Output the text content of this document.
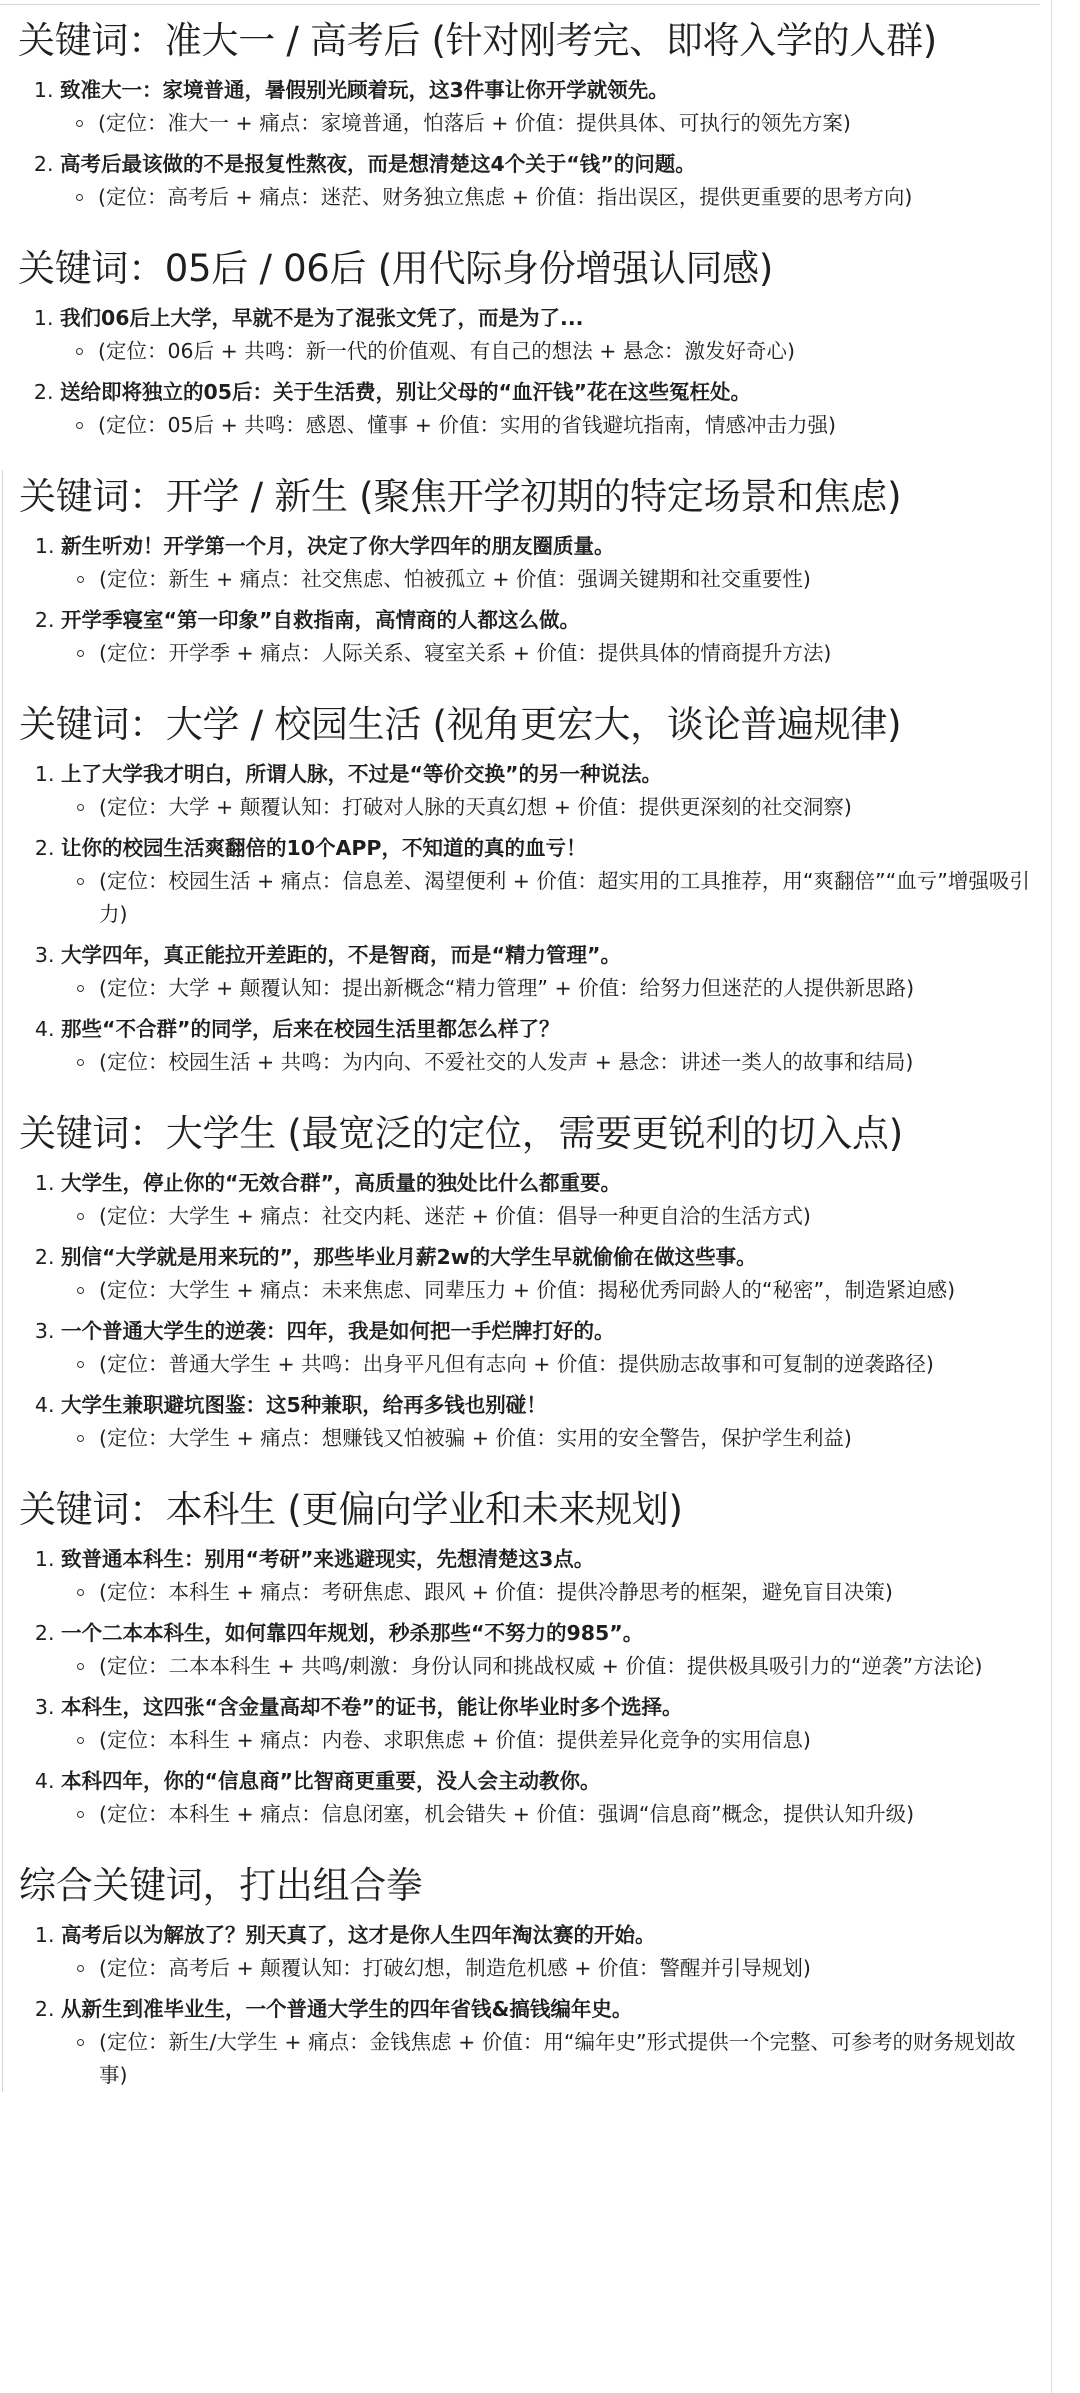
关键词：准大一 / 高考后 (针对刚考完、即将入学的人群)
1. 致准大一：家境普通，暑假别光顾着玩，这3件事让你开学就领先。
(定位：准大一 + 痛点：家境普通，怕落后 + 价值：提供具体、可执行的领先方案)
2. 高考后最该做的不是报复性熬夜，而是想清楚这4个关于“钱”的问题。
(定位：高考后 + 痛点：迷茫、财务独立焦虑 + 价值：指出误区，提供更重要的思考方向)
关键词：05后 / 06后 (用代际身份增强认同感)
1. 我们06后上大学，早就不是为了混张文凭了，而是为了...
(定位：06后 + 共鸣：新一代的价值观、有自己的想法 + 悬念：激发好奇心)
2. 送给即将独立的05后：关于生活费，别让父母的“血汗钱”花在这些冤枉处。
(定位：05后 + 共鸣：感恩、懂事 + 价值：实用的省钱避坑指南，情感冲击力强)
关键词：开学 / 新生 (聚焦开学初期的特定场景和焦虑)
1. 新生听劝！开学第一个月，决定了你大学四年的朋友圈质量。
(定位：新生 + 痛点：社交焦虑、怕被孤立 + 价值：强调关键期和社交重要性)
2. 开学季寝室“第一印象”自救指南，高情商的人都这么做。
(定位：开学季 + 痛点：人际关系、寝室关系 + 价值：提供具体的情商提升方法)
关键词：大学 / 校园生活 (视角更宏大，谈论普遍规律)
1. 上了大学我才明白，所谓人脉，不过是“等价交换”的另一种说法。
(定位：大学 + 颠覆认知：打破对人脉的天真幻想 + 价值：提供更深刻的社交洞察)
2. 让你的校园生活爽翻倍的10个APP，不知道的真的血亏！
(定位：校园生活 + 痛点：信息差、渴望便利 + 价值：超实用的工具推荐，用“爽翻倍”“血亏”增强吸引力)
3. 大学四年，真正能拉开差距的，不是智商，而是“精力管理”。
(定位：大学 + 颠覆认知：提出新概念“精力管理” + 价值：给努力但迷茫的人提供新思路)
4. 那些“不合群”的同学，后来在校园生活里都怎么样了？
(定位：校园生活 + 共鸣：为内向、不爱社交的人发声 + 悬念：讲述一类人的故事和结局)
关键词：大学生 (最宽泛的定位，需要更锐利的切入点)
1. 大学生，停止你的“无效合群”，高质量的独处比什么都重要。
(定位：大学生 + 痛点：社交内耗、迷茫 + 价值：倡导一种更自洽的生活方式)
2. 别信“大学就是用来玩的”，那些毕业月薪2w的大学生早就偷偷在做这些事。
(定位：大学生 + 痛点：未来焦虑、同辈压力 + 价值：揭秘优秀同龄人的“秘密”，制造紧迫感)
3. 一个普通大学生的逆袭：四年，我是如何把一手烂牌打好的。
(定位：普通大学生 + 共鸣：出身平凡但有志向 + 价值：提供励志故事和可复制的逆袭路径)
4. 大学生兼职避坑图鉴：这5种兼职，给再多钱也别碰！
(定位：大学生 + 痛点：想赚钱又怕被骗 + 价值：实用的安全警告，保护学生利益)
关键词：本科生 (更偏向学业和未来规划)
1. 致普通本科生：别用“考研”来逃避现实，先想清楚这3点。
(定位：本科生 + 痛点：考研焦虑、跟风 + 价值：提供冷静思考的框架，避免盲目决策)
2. 一个二本本科生，如何靠四年规划，秒杀那些“不努力的985”。
(定位：二本本科生 + 共鸣/刺激：身份认同和挑战权威 + 价值：提供极具吸引力的“逆袭”方法论)
3. 本科生，这四张“含金量高却不卷”的证书，能让你毕业时多个选择。
(定位：本科生 + 痛点：内卷、求职焦虑 + 价值：提供差异化竞争的实用信息)
4. 本科四年，你的“信息商”比智商更重要，没人会主动教你。
(定位：本科生 + 痛点：信息闭塞，机会错失 + 价值：强调“信息商”概念，提供认知升级)
综合关键词，打出组合拳
1. 高考后以为解放了？别天真了，这才是你人生四年淘汰赛的开始。
(定位：高考后 + 颠覆认知：打破幻想，制造危机感 + 价值：警醒并引导规划)
2. 从新生到准毕业生，一个普通大学生的四年省钱&搞钱编年史。
(定位：新生/大学生 + 痛点：金钱焦虑 + 价值：用“编年史”形式提供一个完整、可参考的财务规划故事)
